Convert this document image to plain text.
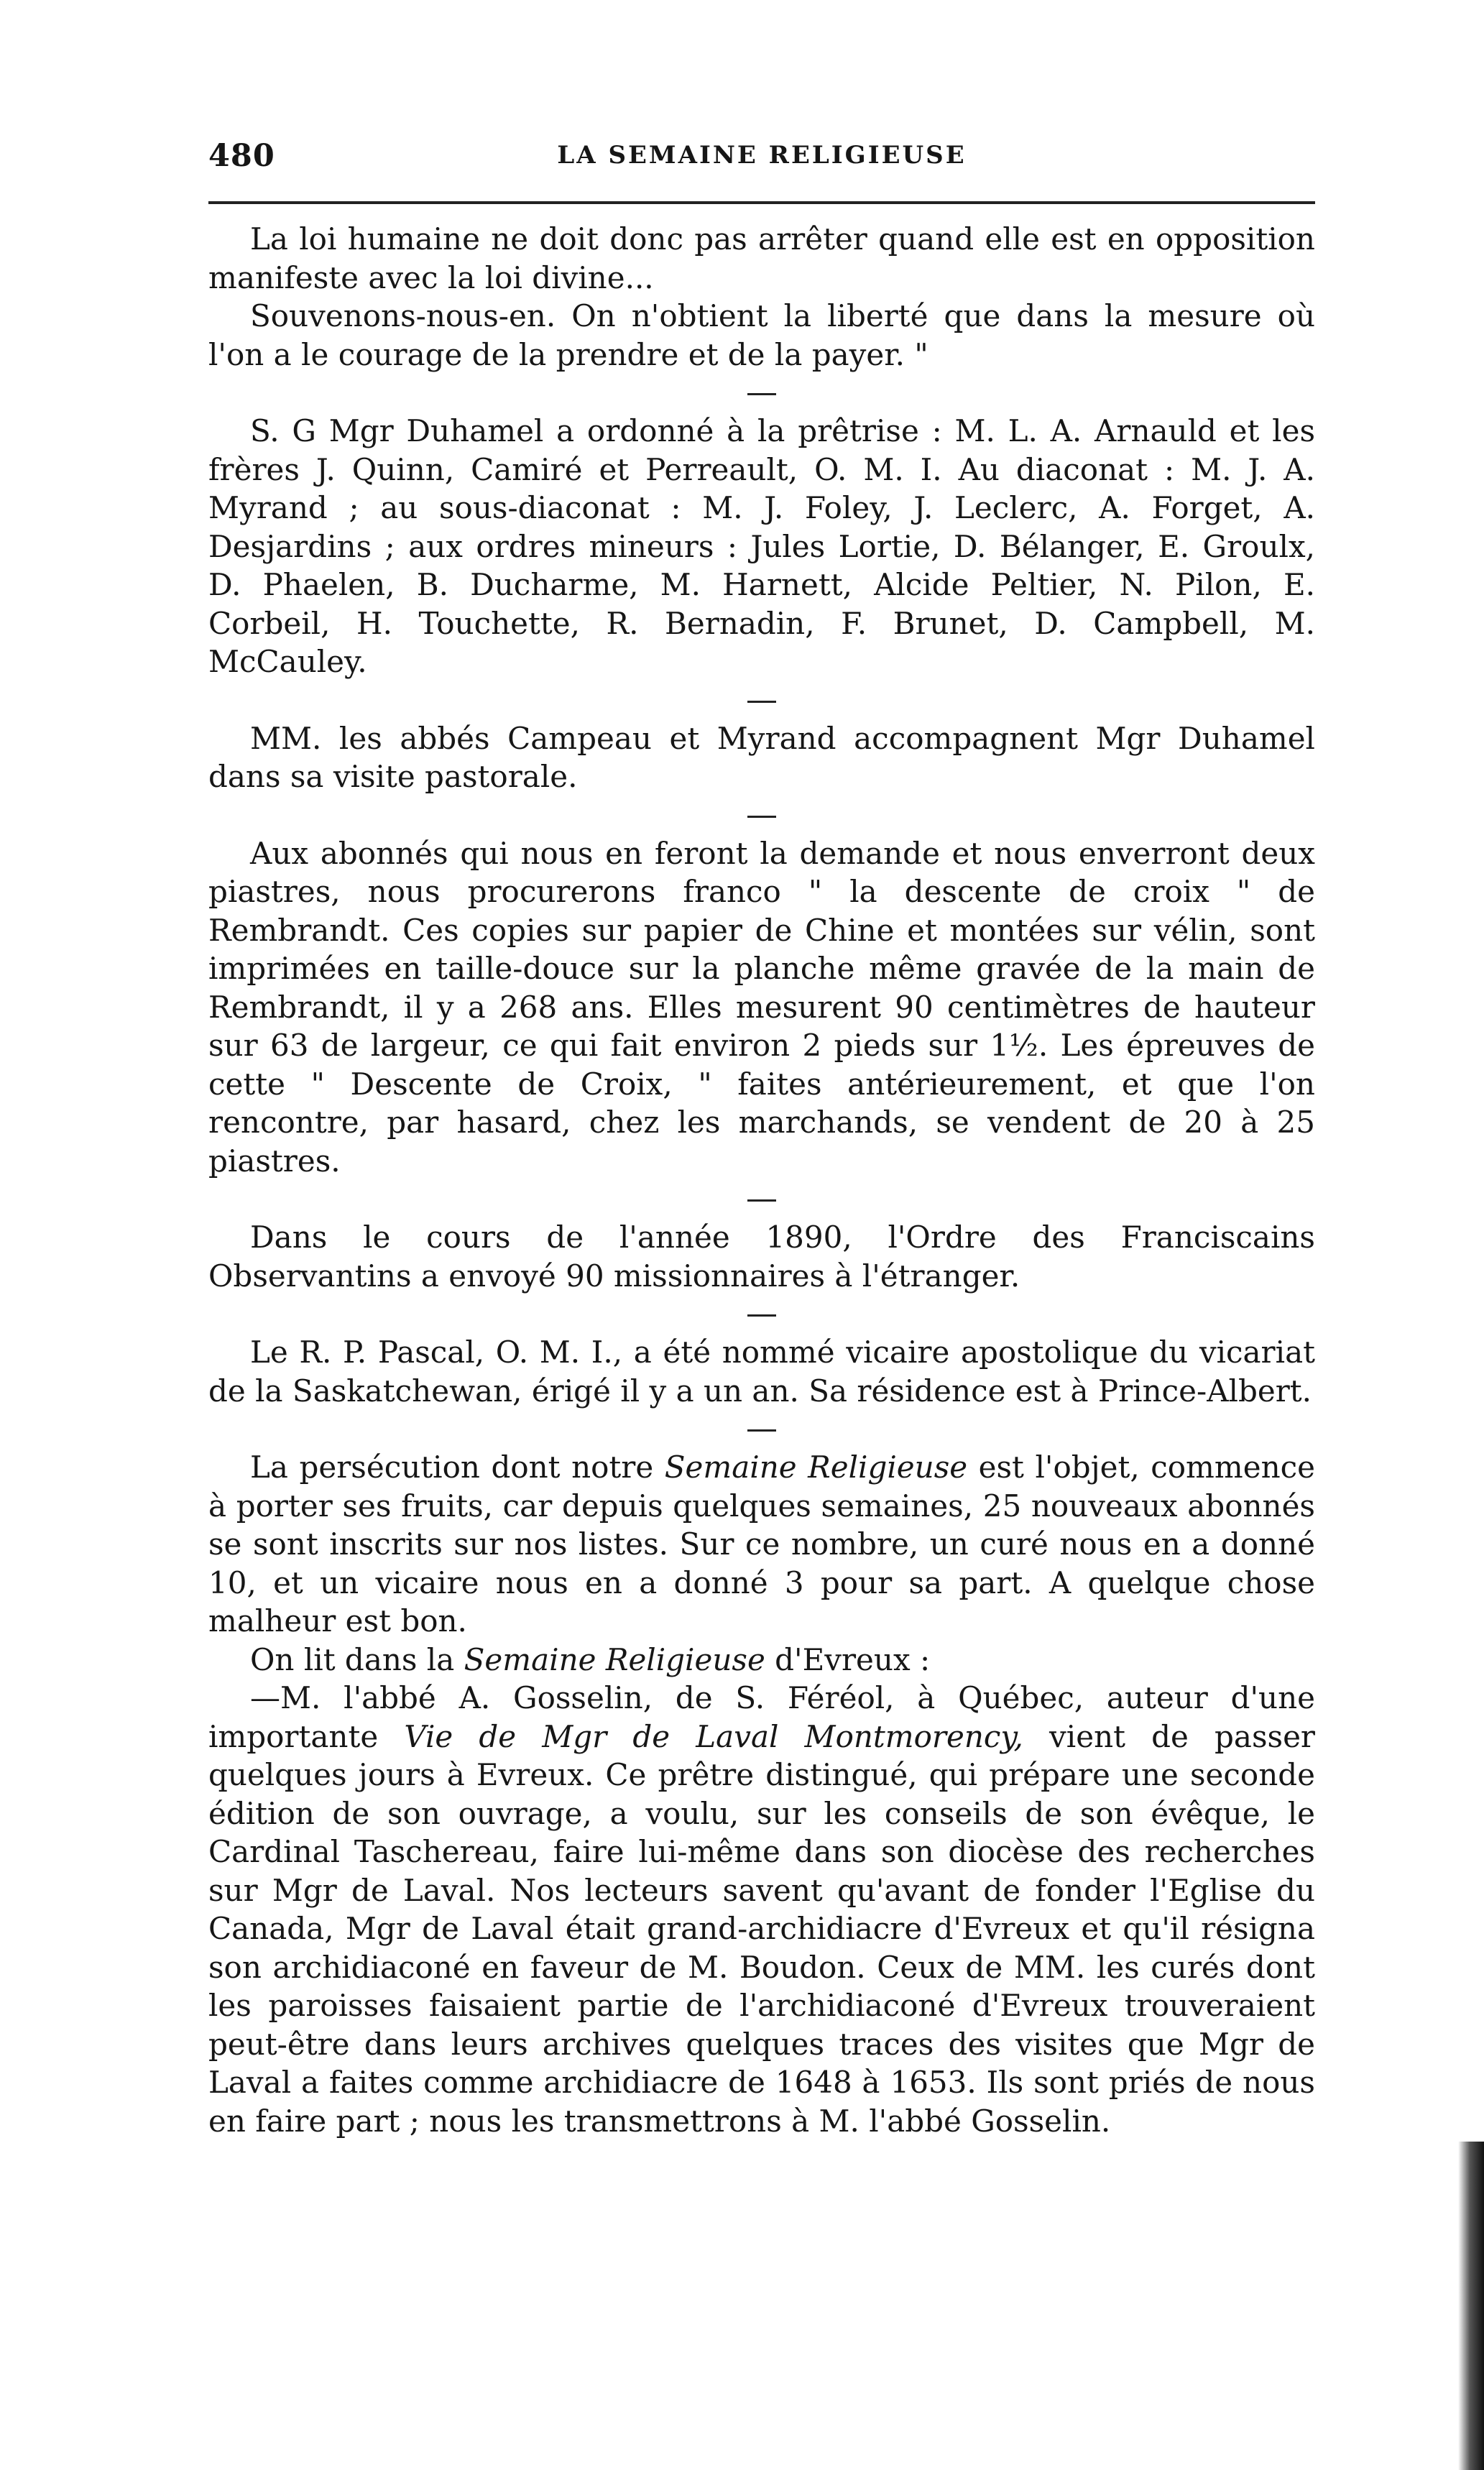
480	LA SEMAINE RELIGIEUSE

La loi humaine ne doit donc pas arrêter quand elle est en opposition manifeste avec la loi divine...

Souvenons-nous-en. On n'obtient la liberté que dans la mesure où l'on a le courage de la prendre et de la payer. "

S. G Mgr Duhamel a ordonné à la prêtrise : M. L. A. Arnauld et les frères J. Quinn, Camiré et Perreault, O. M. I. Au diaconat : M. J. A. Myrand ; au sous-diaconat : M. J. Foley, J. Leclerc, A. Forget, A. Desjardins ; aux ordres mineurs : Jules Lortie, D. Bélanger, E. Groulx, D. Phaelen, B. Ducharme, M. Harnett, Alcide Peltier, N. Pilon, E. Corbeil, H. Touchette, R. Bernadin, F. Brunet, D. Campbell, M. McCauley.

MM. les abbés Campeau et Myrand accompagnent Mgr Duhamel dans sa visite pastorale.

Aux abonnés qui nous en feront la demande et nous enverront deux piastres, nous procurerons franco " la descente de croix " de Rembrandt. Ces copies sur papier de Chine et montées sur vélin, sont imprimées en taille-douce sur la planche même gravée de la main de Rembrandt, il y a 268 ans. Elles mesurent 90 centimètres de hauteur sur 63 de largeur, ce qui fait environ 2 pieds sur 1½. Les épreuves de cette " Descente de Croix, " faites antérieurement, et que l'on rencontre, par hasard, chez les marchands, se vendent de 20 à 25 piastres.

Dans le cours de l'année 1890, l'Ordre des Franciscains Observantins a envoyé 90 missionnaires à l'étranger.

Le R. P. Pascal, O. M. I., a été nommé vicaire apostolique du vicariat de la Saskatchewan, érigé il y a un an. Sa résidence est à Prince-Albert.

La persécution dont notre Semaine Religieuse est l'objet, commence à porter ses fruits, car depuis quelques semaines, 25 nouveaux abonnés se sont inscrits sur nos listes. Sur ce nombre, un curé nous en a donné 10, et un vicaire nous en a donné 3 pour sa part. A quelque chose malheur est bon.

On lit dans la Semaine Religieuse d'Evreux :

—M. l'abbé A. Gosselin, de S. Féréol, à Québec, auteur d'une importante Vie de Mgr de Laval Montmorency, vient de passer quelques jours à Evreux. Ce prêtre distingué, qui prépare une seconde édition de son ouvrage, a voulu, sur les conseils de son évêque, le Cardinal Taschereau, faire lui-même dans son diocèse des recherches sur Mgr de Laval. Nos lecteurs savent qu'avant de fonder l'Eglise du Canada, Mgr de Laval était grand-archidiacre d'Evreux et qu'il résigna son archidiaconé en faveur de M. Boudon. Ceux de MM. les curés dont les paroisses faisaient partie de l'archidiaconé d'Evreux trouveraient peut-être dans leurs archives quelques traces des visites que Mgr de Laval a faites comme archidiacre de 1648 à 1653. Ils sont priés de nous en faire part ; nous les transmettrons à M. l'abbé Gosselin.
